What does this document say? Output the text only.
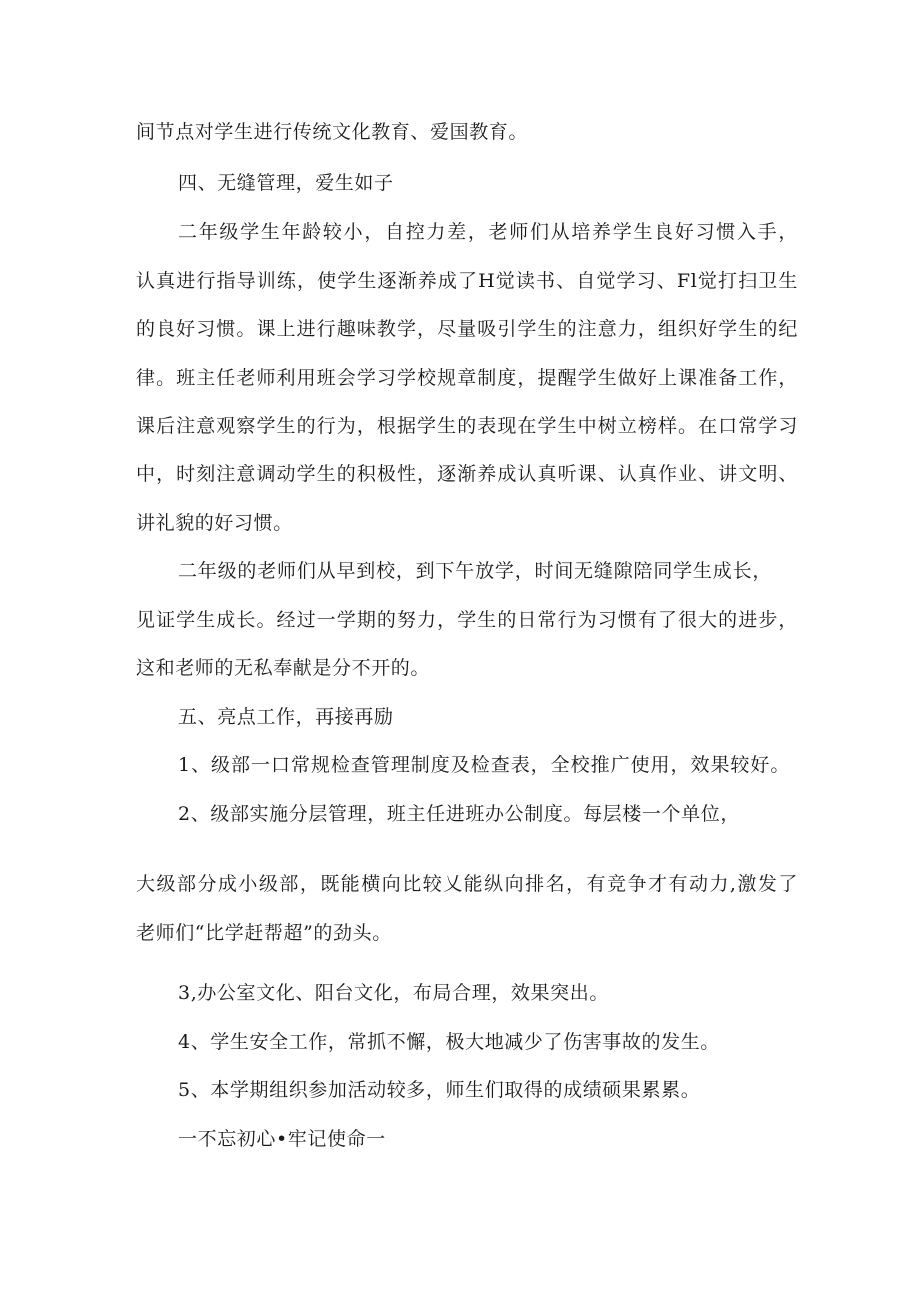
间节点对学生进行传统文化教育、爱国教育。
四、无缝管理，爱生如子
二年级学生年龄较小，自控力差，老师们从培养学生良好习惯入手，
认真进行指导训练，使学生逐渐养成了H觉读书、自觉学习、Fl觉打扫卫生
的良好习惯。课上进行趣味教学，尽量吸引学生的注意力，组织好学生的纪
律。班主任老师利用班会学习学校规章制度，提醒学生做好上课准备工作，
课后注意观察学生的行为，根据学生的表现在学生中树立榜样。在口常学习
中，时刻注意调动学生的积极性，逐渐养成认真听课、认真作业、讲文明、
讲礼貌的好习惯。
二年级的老师们从早到校，到下午放学，时间无缝隙陪同学生成长，
见证学生成长。经过一学期的努力，学生的日常行为习惯有了很大的进步，
这和老师的无私奉献是分不开的。
五、亮点工作，再接再励
1、级部一口常规检查管理制度及检查表，全校推广使用，效果较好。
2、级部实施分层管理，班主任进班办公制度。每层楼一个单位，
大级部分成小级部，既能横向比较乂能纵向排名，有竞争才有动力,激发了
老师们“比学赶帮超”的劲头。
3,办公室文化、阳台文化，布局合理，效果突出。
4、学生安全工作，常抓不懈，极大地减少了伤害事故的发生。
5、本学期组织参加活动较多，师生们取得的成绩硕果累累。
一不忘初心•牢记使命一
